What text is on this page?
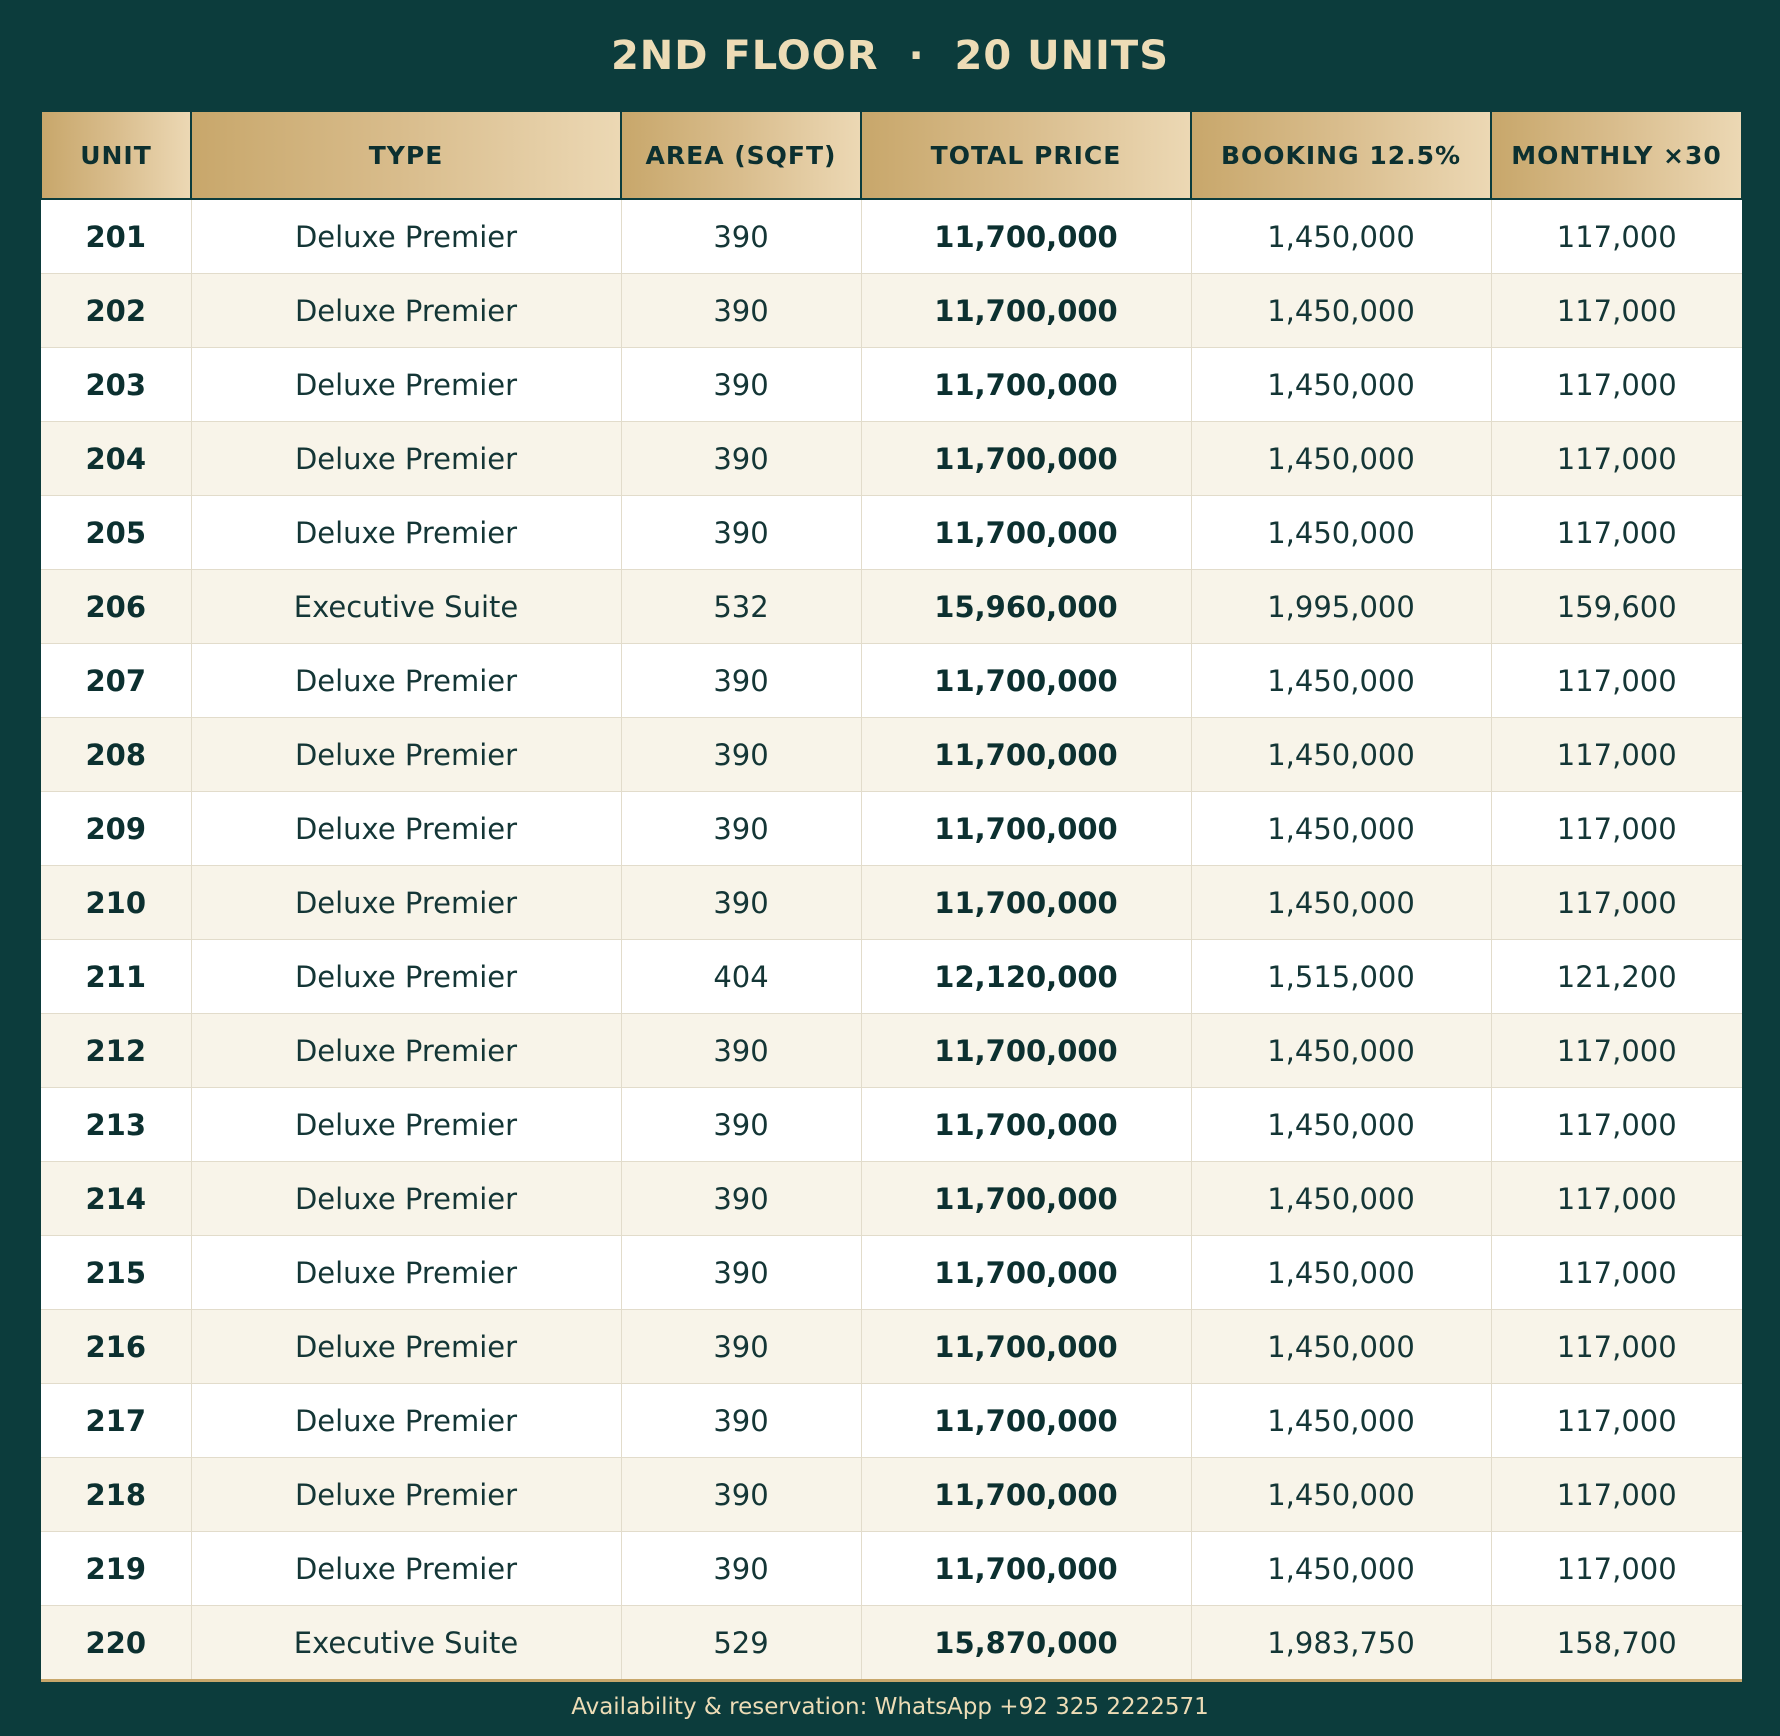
2ND FLOOR  ·  20 UNITS
UNIT	TYPE	AREA (SQFT)	TOTAL PRICE	BOOKING 12.5%	MONTHLY ×30
201	Deluxe Premier	390	11,700,000	1,450,000	117,000
202	Deluxe Premier	390	11,700,000	1,450,000	117,000
203	Deluxe Premier	390	11,700,000	1,450,000	117,000
204	Deluxe Premier	390	11,700,000	1,450,000	117,000
205	Deluxe Premier	390	11,700,000	1,450,000	117,000
206	Executive Suite	532	15,960,000	1,995,000	159,600
207	Deluxe Premier	390	11,700,000	1,450,000	117,000
208	Deluxe Premier	390	11,700,000	1,450,000	117,000
209	Deluxe Premier	390	11,700,000	1,450,000	117,000
210	Deluxe Premier	390	11,700,000	1,450,000	117,000
211	Deluxe Premier	404	12,120,000	1,515,000	121,200
212	Deluxe Premier	390	11,700,000	1,450,000	117,000
213	Deluxe Premier	390	11,700,000	1,450,000	117,000
214	Deluxe Premier	390	11,700,000	1,450,000	117,000
215	Deluxe Premier	390	11,700,000	1,450,000	117,000
216	Deluxe Premier	390	11,700,000	1,450,000	117,000
217	Deluxe Premier	390	11,700,000	1,450,000	117,000
218	Deluxe Premier	390	11,700,000	1,450,000	117,000
219	Deluxe Premier	390	11,700,000	1,450,000	117,000
220	Executive Suite	529	15,870,000	1,983,750	158,700
Availability & reservation: WhatsApp +92 325 2222571
